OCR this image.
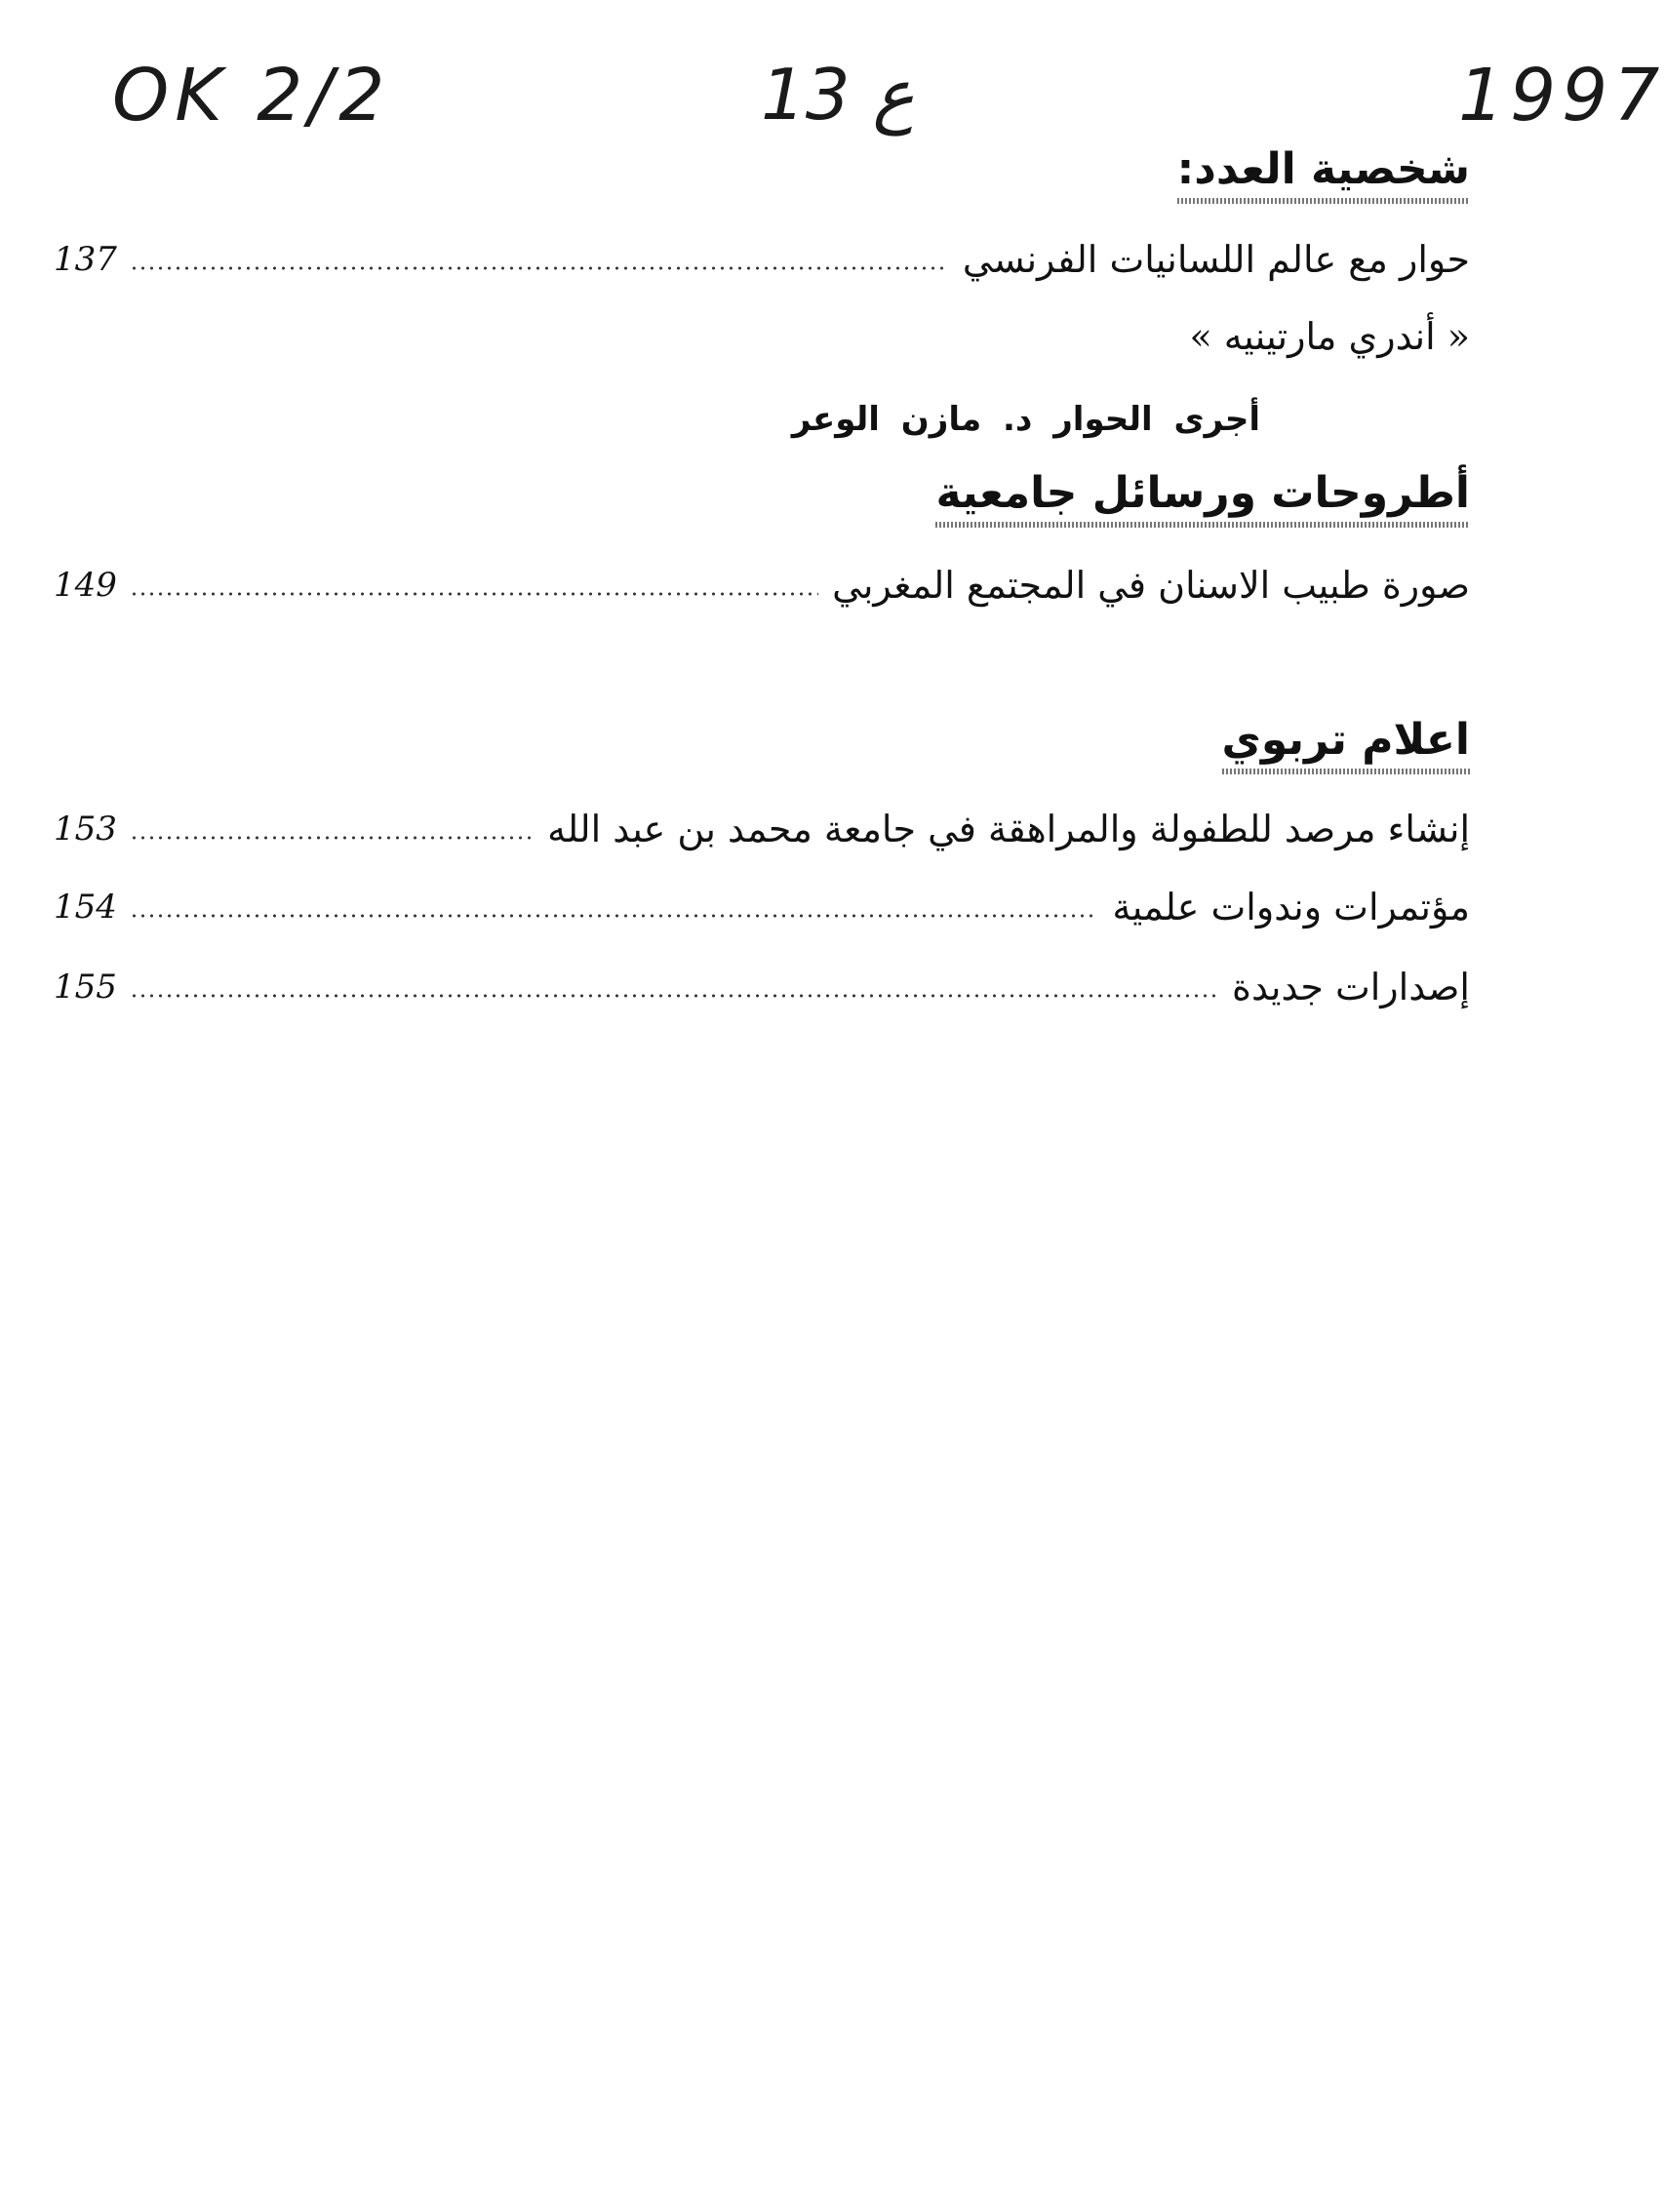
OK 2/2	13 ع	1997
شخصية العدد:
حوار مع عالم اللسانيات الفرنسي
137
« أندري مارتينيه »
أجرى الحوار د. مازن الوعر
أطروحات ورسائل جامعية
صورة طبيب الاسنان في المجتمع المغربي
149
اعلام تربوي
إنشاء مرصد للطفولة والمراهقة في جامعة محمد بن عبد الله
153
مؤتمرات وندوات علمية
154
إصدارات جديدة
155
